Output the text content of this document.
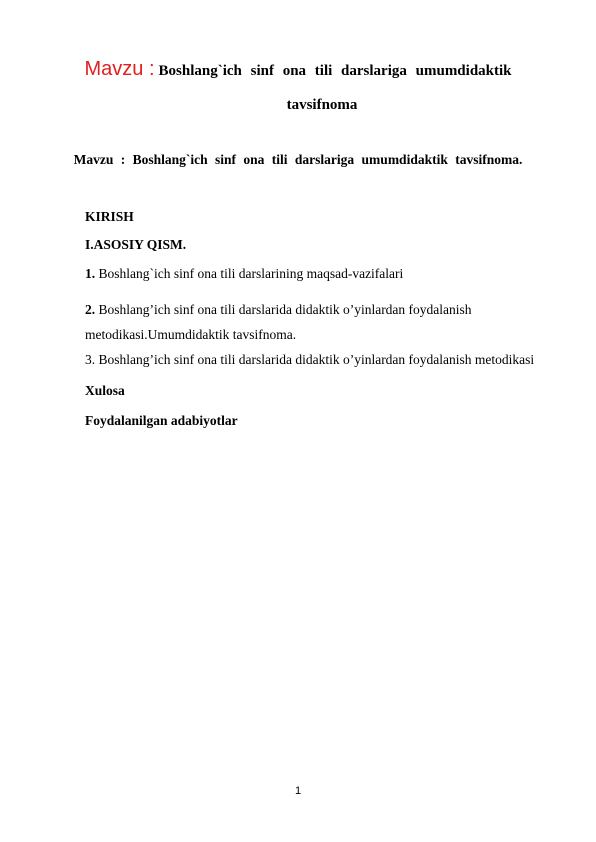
Mavzu : Boshlang`ich sinf ona tili darslariga umumdidaktik
tavsifnoma
Mavzu : Boshlang`ich sinf ona tili darslariga umumdidaktik tavsifnoma.
KIRISH
I.ASOSIY QISM.
1. Boshlang`ich sinf ona tili darslarining maqsad-vazifalari
2. Boshlang’ich sinf ona tili darslarida didaktik o’yinlardan foydalanish
metodikasi.Umumdidaktik tavsifnoma.
3. Boshlang’ich sinf ona tili darslarida didaktik o’yinlardan foydalanish metodikasi
Xulosa
Foydalanilgan adabiyotlar
1
